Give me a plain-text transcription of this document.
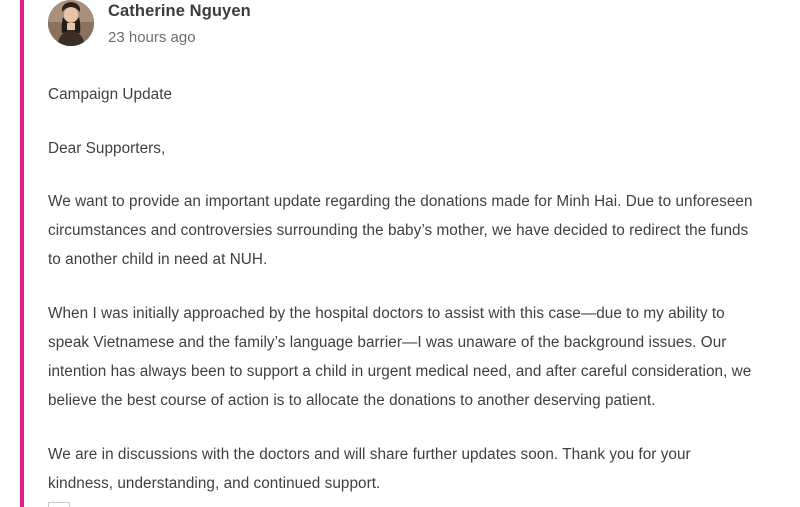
Catherine Nguyen
23 hours ago

Campaign Update

Dear Supporters,

We want to provide an important update regarding the donations made for Minh Hai. Due to unforeseen circumstances and controversies surrounding the baby’s mother, we have decided to redirect the funds to another child in need at NUH.

When I was initially approached by the hospital doctors to assist with this case—due to my ability to speak Vietnamese and the family’s language barrier—I was unaware of the background issues. Our intention has always been to support a child in urgent medical need, and after careful consideration, we believe the best course of action is to allocate the donations to another deserving patient.

We are in discussions with the doctors and will share further updates soon. Thank you for your kindness, understanding, and continued support.
